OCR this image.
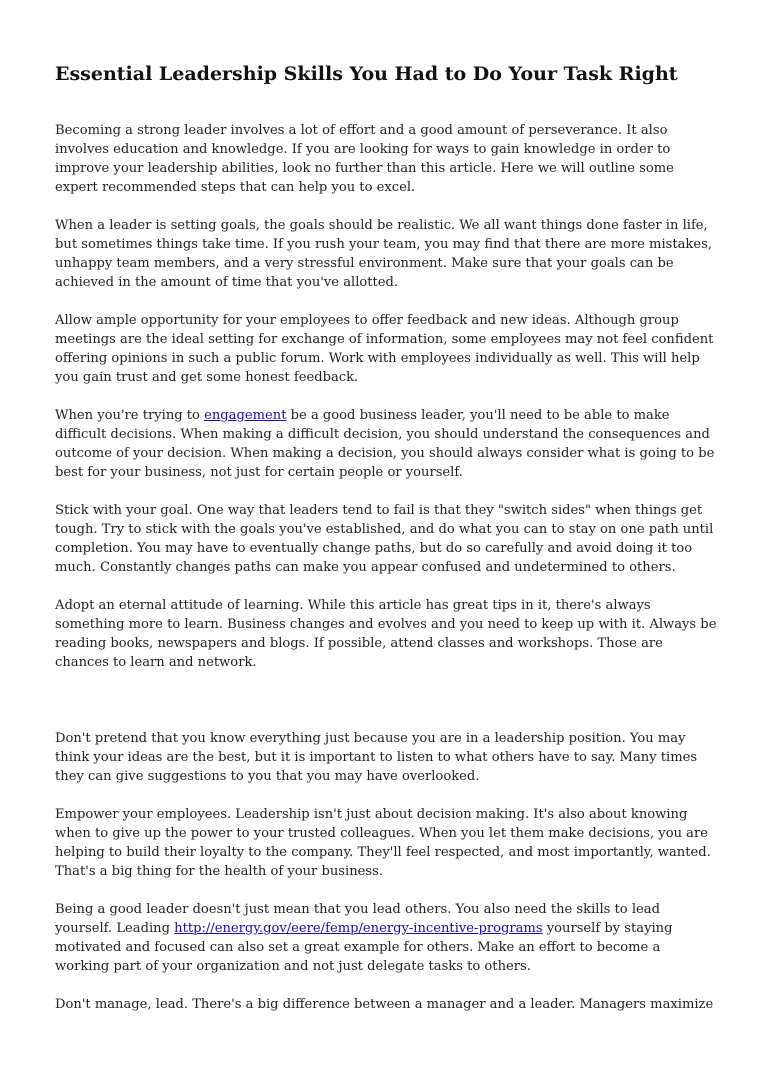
Essential Leadership Skills You Had to Do Your Task Right

Becoming a strong leader involves a lot of effort and a good amount of perseverance. It also involves education and knowledge. If you are looking for ways to gain knowledge in order to improve your leadership abilities, look no further than this article. Here we will outline some expert recommended steps that can help you to excel.

When a leader is setting goals, the goals should be realistic. We all want things done faster in life, but sometimes things take time. If you rush your team, you may find that there are more mistakes, unhappy team members, and a very stressful environment. Make sure that your goals can be achieved in the amount of time that you've allotted.

Allow ample opportunity for your employees to offer feedback and new ideas. Although group meetings are the ideal setting for exchange of information, some employees may not feel confident offering opinions in such a public forum. Work with employees individually as well. This will help you gain trust and get some honest feedback.

When you're trying to engagement be a good business leader, you'll need to be able to make difficult decisions. When making a difficult decision, you should understand the consequences and outcome of your decision. When making a decision, you should always consider what is going to be best for your business, not just for certain people or yourself.

Stick with your goal. One way that leaders tend to fail is that they "switch sides" when things get tough. Try to stick with the goals you've established, and do what you can to stay on one path until completion. You may have to eventually change paths, but do so carefully and avoid doing it too much. Constantly changes paths can make you appear confused and undetermined to others.

Adopt an eternal attitude of learning. While this article has great tips in it, there's always something more to learn. Business changes and evolves and you need to keep up with it. Always be reading books, newspapers and blogs. If possible, attend classes and workshops. Those are chances to learn and network.

Don't pretend that you know everything just because you are in a leadership position. You may think your ideas are the best, but it is important to listen to what others have to say. Many times they can give suggestions to you that you may have overlooked.

Empower your employees. Leadership isn't just about decision making. It's also about knowing when to give up the power to your trusted colleagues. When you let them make decisions, you are helping to build their loyalty to the company. They'll feel respected, and most importantly, wanted. That's a big thing for the health of your business.

Being a good leader doesn't just mean that you lead others. You also need the skills to lead yourself. Leading http://energy.gov/eere/femp/energy-incentive-programs yourself by staying motivated and focused can also set a great example for others. Make an effort to become a working part of your organization and not just delegate tasks to others.

Don't manage, lead. There's a big difference between a manager and a leader. Managers maximize
